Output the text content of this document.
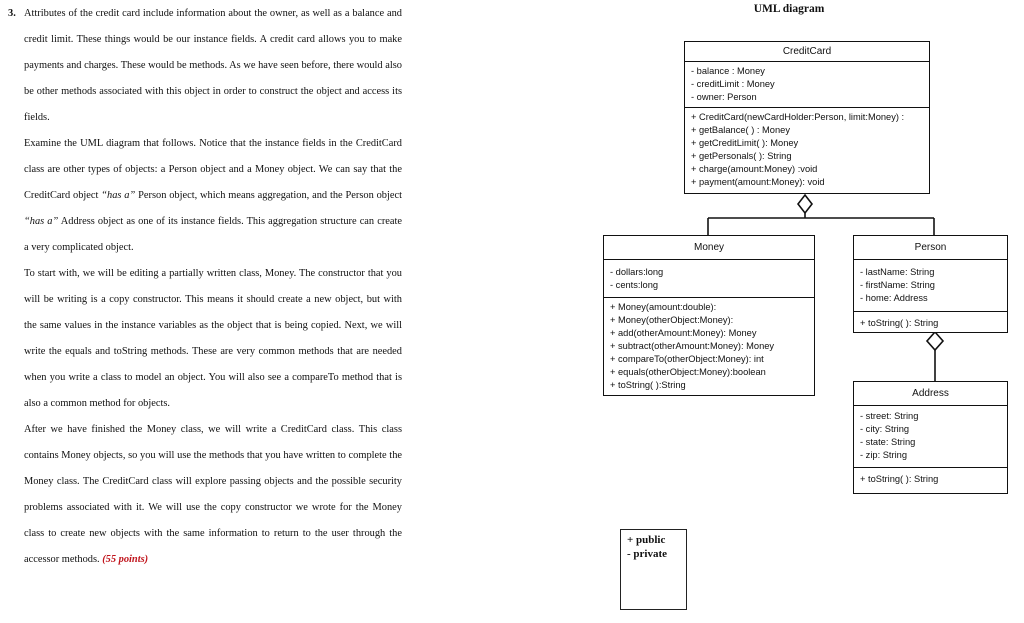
3. Attributes of the credit card include information about the owner, as well as a balance and credit limit. These things would be our instance fields. A credit card allows you to make payments and charges. These would be methods. As we have seen before, there would also be other methods associated with this object in order to construct the object and access its fields.

Examine the UML diagram that follows. Notice that the instance fields in the CreditCard class are other types of objects: a Person object and a Money object. We can say that the CreditCard object “has a” Person object, which means aggregation, and the Person object “has a” Address object as one of its instance fields. This aggregation structure can create a very complicated object.

To start with, we will be editing a partially written class, Money. The constructor that you will be writing is a copy constructor. This means it should create a new object, but with the same values in the instance variables as the object that is being copied. Next, we will write the equals and toString methods. These are very common methods that are needed when you write a class to model an object. You will also see a compareTo method that is also a common method for objects.

After we have finished the Money class, we will write a CreditCard class. This class contains Money objects, so you will use the methods that you have written to complete the Money class. The CreditCard class will explore passing objects and the possible security problems associated with it. We will use the copy constructor we wrote for the Money class to create new objects with the same information to return to the user through the accessor methods. (55 points)

UML diagram
CreditCard
- balance : Money
- creditLimit : Money
- owner: Person
+ CreditCard(newCardHolder:Person, limit:Money) :
+ getBalance( ) : Money
+ getCreditLimit( ): Money
+ getPersonals( ): String
+ charge(amount:Money) :void
+ payment(amount:Money): void
Money
- dollars:long
- cents:long
+ Money(amount:double):
+ Money(otherObject:Money):
+ add(otherAmount:Money): Money
+ subtract(otherAmount:Money): Money
+ compareTo(otherObject:Money): int
+ equals(otherObject:Money):boolean
+ toString( ):String
Person
- lastName: String
- firstName: String
- home: Address
+ toString( ): String
Address
- street: String
- city: String
- state: String
- zip: String
+ toString( ): String
+ public
- private
